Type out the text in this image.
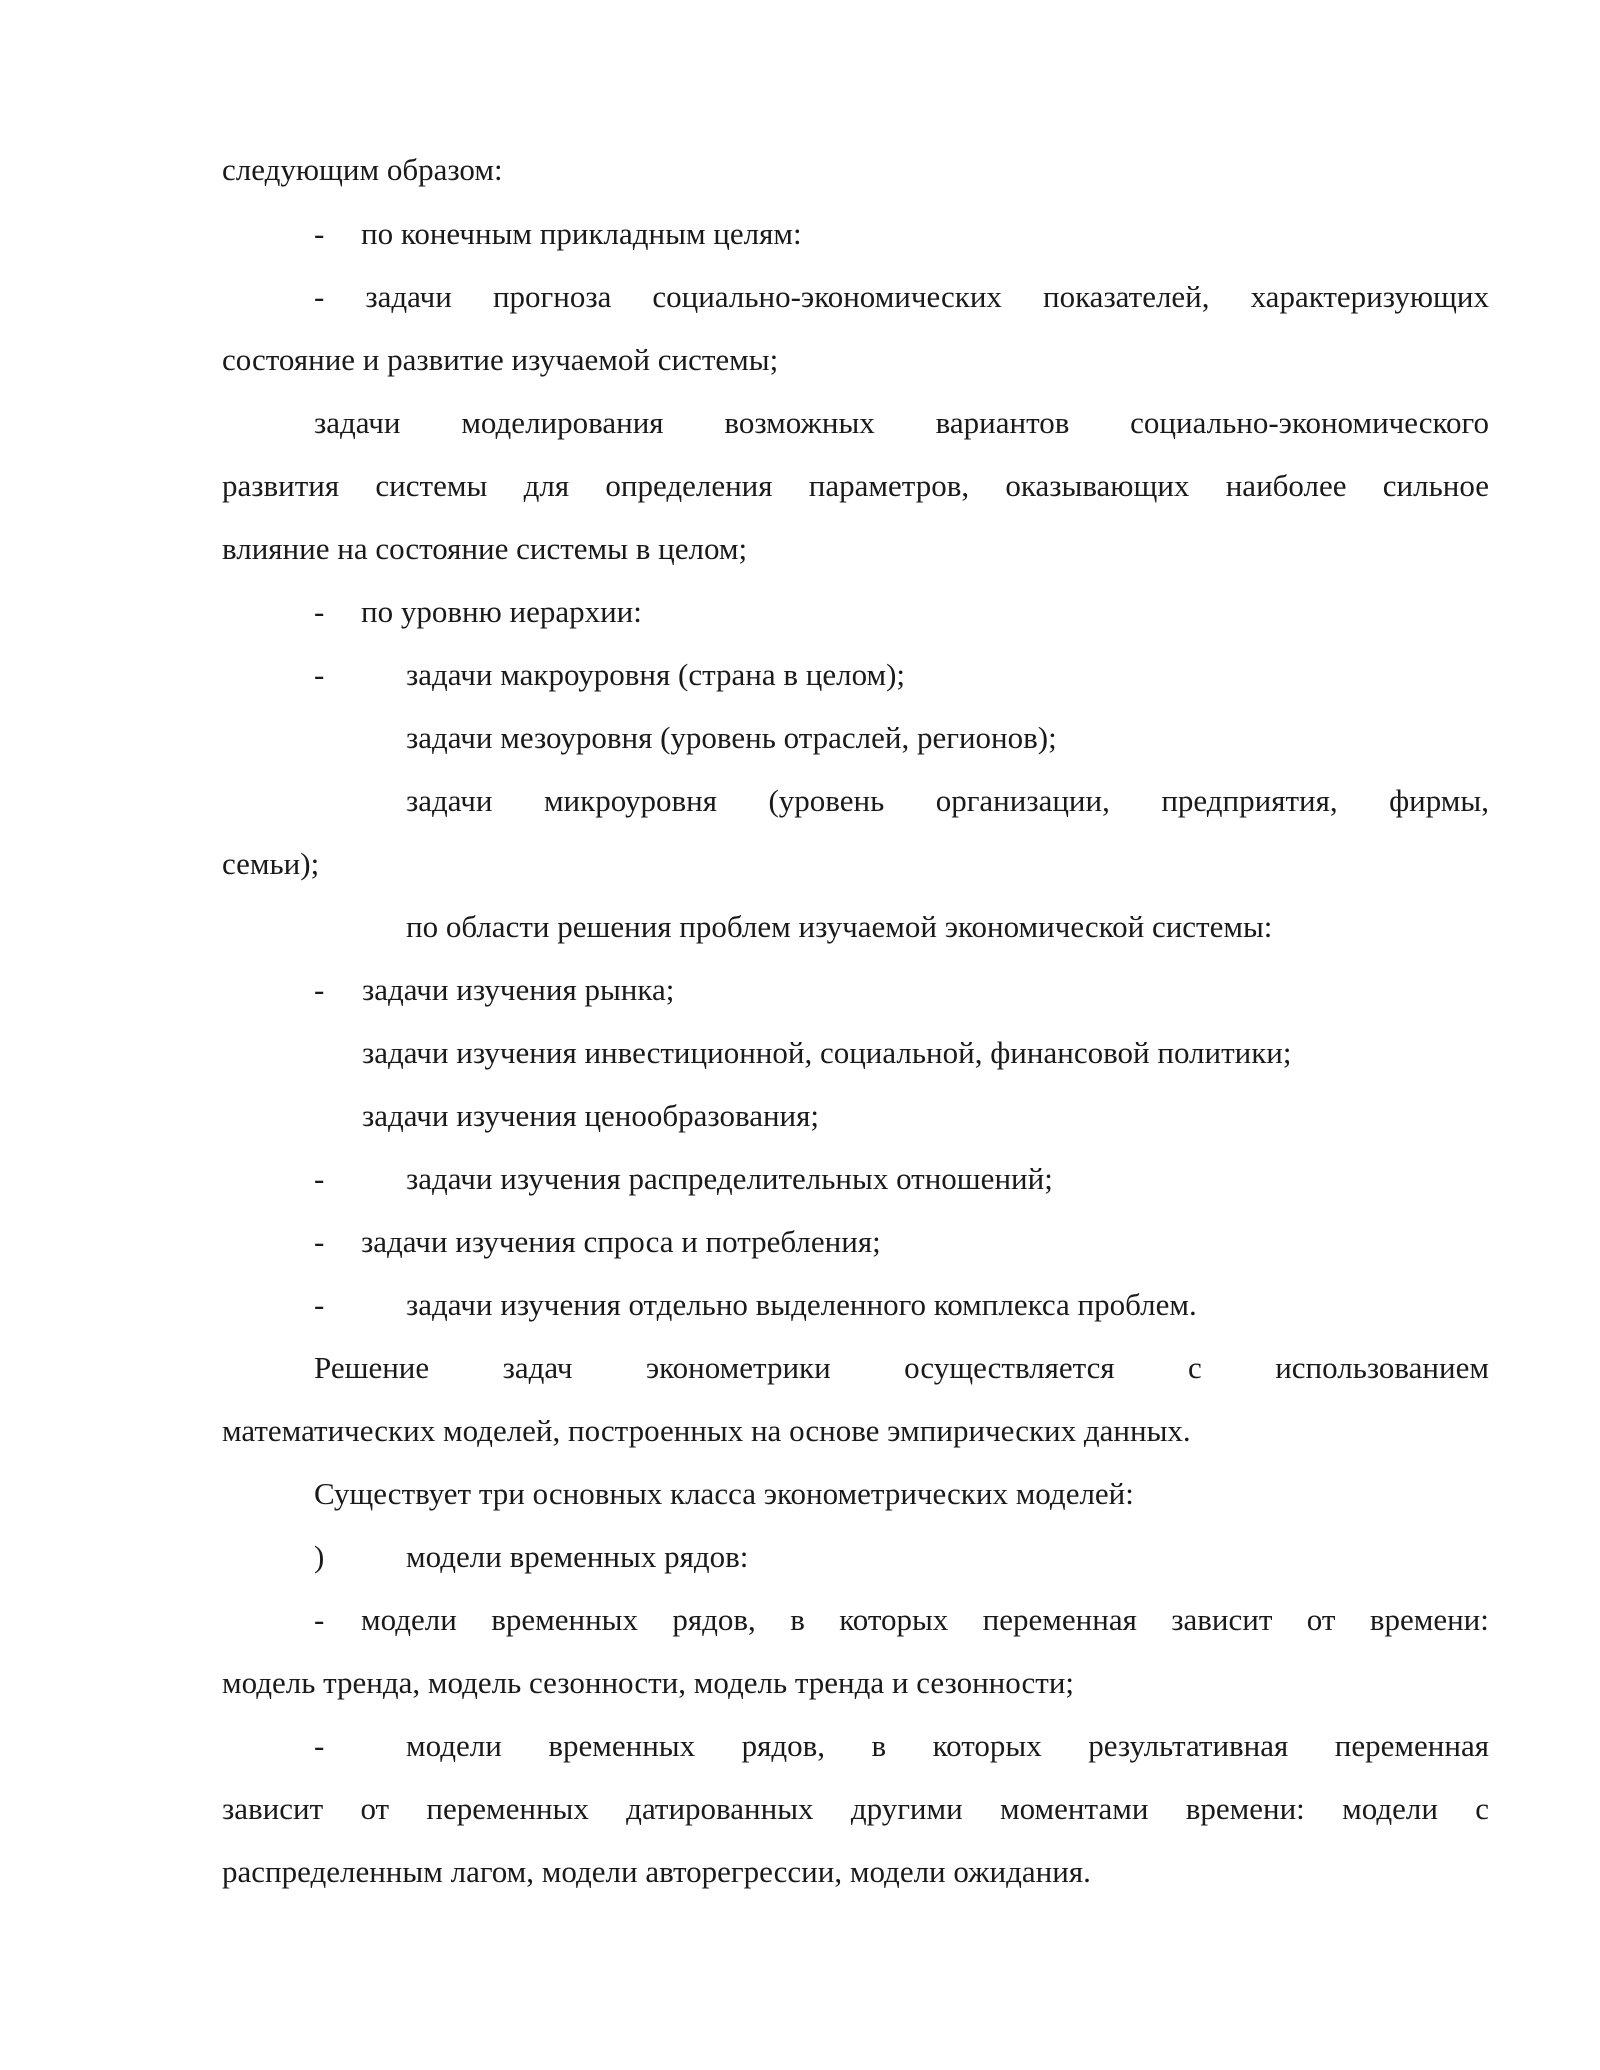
следующим образом:
- по конечным прикладным целям:
- задачи прогноза социально-экономических показателей, характеризующих
состояние и развитие изучаемой системы;
задачи моделирования возможных вариантов социально-экономического
развития системы для определения параметров, оказывающих наиболее сильное
влияние на состояние системы в целом;
- по уровню иерархии:
-	задачи макроуровня (страна в целом);
задачи мезоуровня (уровень отраслей, регионов);
задачи микроуровня (уровень организации, предприятия, фирмы,
семьи);
по области решения проблем изучаемой экономической системы:
- задачи изучения рынка;
задачи изучения инвестиционной, социальной, финансовой политики;
задачи изучения ценообразования;
-	задачи изучения распределительных отношений;
- задачи изучения спроса и потребления;
-	задачи изучения отдельно выделенного комплекса проблем.
Решение задач эконометрики осуществляется с использованием
математических моделей, построенных на основе эмпирических данных.
Существует три основных класса эконометрических моделей:
)	модели временных рядов:
- модели временных рядов, в которых переменная зависит от времени:
модель тренда, модель сезонности, модель тренда и сезонности;
-	модели временных рядов, в которых результативная переменная
зависит от переменных датированных другими моментами времени: модели с
распределенным лагом, модели авторегрессии, модели ожидания.
